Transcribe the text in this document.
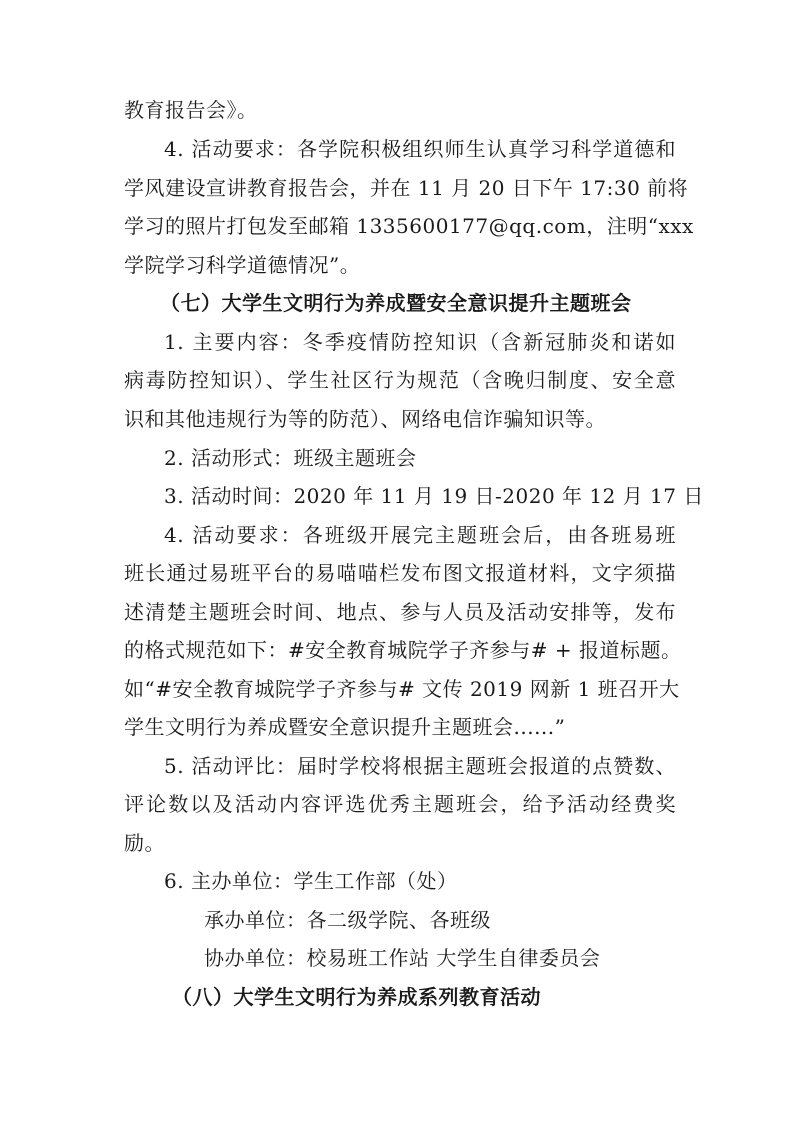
教育报告会》。
4. 活动要求：各学院积极组织师生认真学习科学道德和
学风建设宣讲教育报告会，并在 11 月 20 日下午 17:30 前将
学习的照片打包发至邮箱 1335600177@qq.com，注明“xxx
学院学习科学道德情况”。
（七）大学生文明行为养成暨安全意识提升主题班会
1. 主要内容：冬季疫情防控知识（含新冠肺炎和诺如
病毒防控知识）、学生社区行为规范（含晚归制度、安全意
识和其他违规行为等的防范）、网络电信诈骗知识等。
2. 活动形式：班级主题班会
3. 活动时间：2020 年 11 月 19 日-2020 年 12 月 17 日
4. 活动要求：各班级开展完主题班会后，由各班易班
班长通过易班平台的易喵喵栏发布图文报道材料，文字须描
述清楚主题班会时间、地点、参与人员及活动安排等，发布
的格式规范如下：#安全教育城院学子齐参与# + 报道标题。
如“#安全教育城院学子齐参与# 文传 2019 网新 1 班召开大
学生文明行为养成暨安全意识提升主题班会......”
5. 活动评比：届时学校将根据主题班会报道的点赞数、
评论数以及活动内容评选优秀主题班会，给予活动经费奖
励。
6. 主办单位：学生工作部（处）
承办单位：各二级学院、各班级
协办单位：校易班工作站 大学生自律委员会
（八）大学生文明行为养成系列教育活动
